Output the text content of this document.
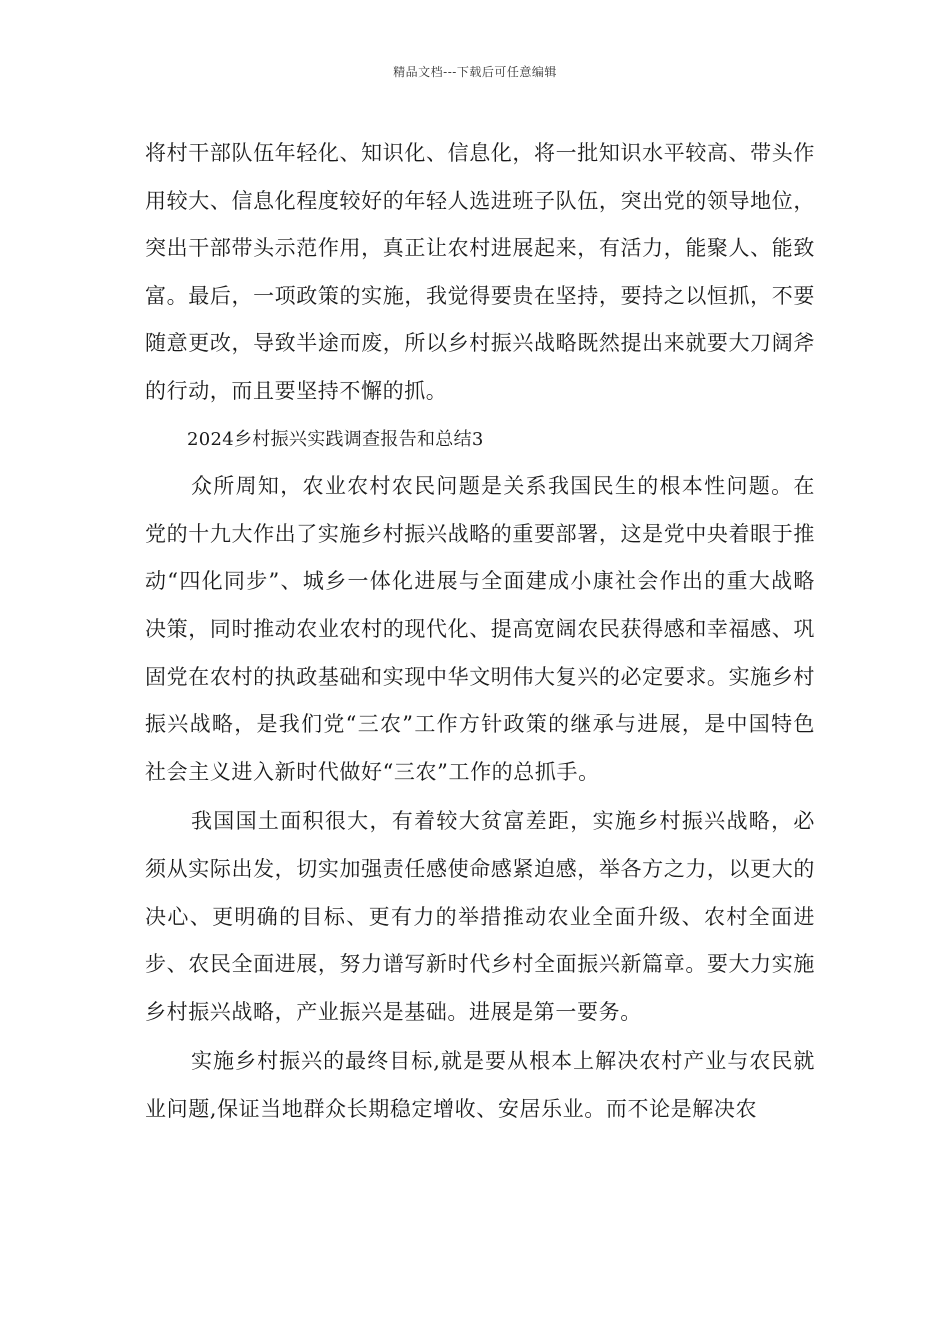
精品文档---下载后可任意编辑

将村干部队伍年轻化、知识化、信息化，将一批知识水平较高、带头作用较大、信息化程度较好的年轻人选进班子队伍，突出党的领导地位，突出干部带头示范作用，真正让农村进展起来，有活力，能聚人、能致富。最后，一项政策的实施，我觉得要贵在坚持，要持之以恒抓，不要随意更改，导致半途而废，所以乡村振兴战略既然提出来就要大刀阔斧的行动，而且要坚持不懈的抓。

2024乡村振兴实践调查报告和总结3

众所周知，农业农村农民问题是关系我国民生的根本性问题。在党的十九大作出了实施乡村振兴战略的重要部署，这是党中央着眼于推动“四化同步”、城乡一体化进展与全面建成小康社会作出的重大战略决策，同时推动农业农村的现代化、提高宽阔农民获得感和幸福感、巩固党在农村的执政基础和实现中华文明伟大复兴的必定要求。实施乡村振兴战略，是我们党“三农”工作方针政策的继承与进展，是中国特色社会主义进入新时代做好“三农”工作的总抓手。

我国国土面积很大，有着较大贫富差距，实施乡村振兴战略，必须从实际出发，切实加强责任感使命感紧迫感，举各方之力，以更大的决心、更明确的目标、更有力的举措推动农业全面升级、农村全面进步、农民全面进展，努力谱写新时代乡村全面振兴新篇章。要大力实施乡村振兴战略，产业振兴是基础。进展是第一要务。

实施乡村振兴的最终目标,就是要从根本上解决农村产业与农民就业问题,保证当地群众长期稳定增收、安居乐业。而不论是解决农
